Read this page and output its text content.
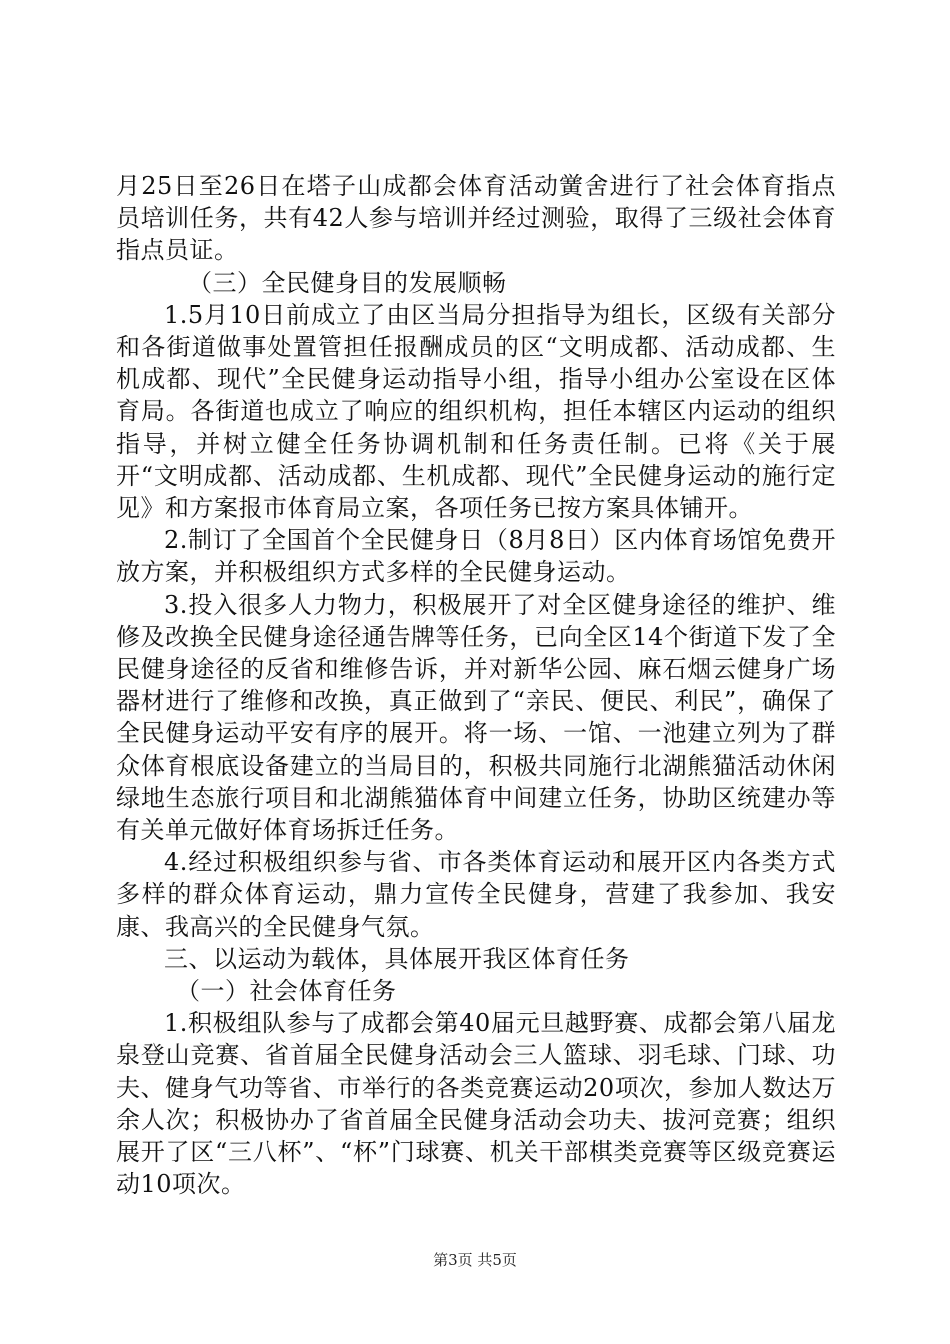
月25日至26日在塔子山成都会体育活动黉舍进行了社会体育指点员培训任务，共有42人参与培训并经过测验，取得了三级社会体育指点员证。

（三）全民健身目的发展顺畅

1.5月10日前成立了由区当局分担指导为组长，区级有关部分和各街道做事处置管担任报酬成员的区“文明成都、活动成都、生机成都、现代”全民健身运动指导小组，指导小组办公室设在区体育局。各街道也成立了响应的组织机构，担任本辖区内运动的组织指导，并树立健全任务协调机制和任务责任制。已将《关于展开“文明成都、活动成都、生机成都、现代”全民健身运动的施行定见》和方案报市体育局立案，各项任务已按方案具体铺开。

2.制订了全国首个全民健身日（8月8日）区内体育场馆免费开放方案，并积极组织方式多样的全民健身运动。

3.投入很多人力物力，积极展开了对全区健身途径的维护、维修及改换全民健身途径通告牌等任务，已向全区14个街道下发了全民健身途径的反省和维修告诉，并对新华公园、麻石烟云健身广场器材进行了维修和改换，真正做到了“亲民、便民、利民”，确保了全民健身运动平安有序的展开。将一场、一馆、一池建立列为了群众体育根底设备建立的当局目的，积极共同施行北湖熊猫活动休闲绿地生态旅行项目和北湖熊猫体育中间建立任务，协助区统建办等有关单元做好体育场拆迁任务。

4.经过积极组织参与省、市各类体育运动和展开区内各类方式多样的群众体育运动，鼎力宣传全民健身，营建了我参加、我安康、我高兴的全民健身气氛。

三、以运动为载体，具体展开我区体育任务

（一）社会体育任务

1.积极组队参与了成都会第40届元旦越野赛、成都会第八届龙泉登山竞赛、省首届全民健身活动会三人篮球、羽毛球、门球、功夫、健身气功等省、市举行的各类竞赛运动20项次，参加人数达万余人次；积极协办了省首届全民健身活动会功夫、拔河竞赛；组织展开了区“三八杯”、“杯”门球赛、机关干部棋类竞赛等区级竞赛运动10项次。

第3页 共5页
